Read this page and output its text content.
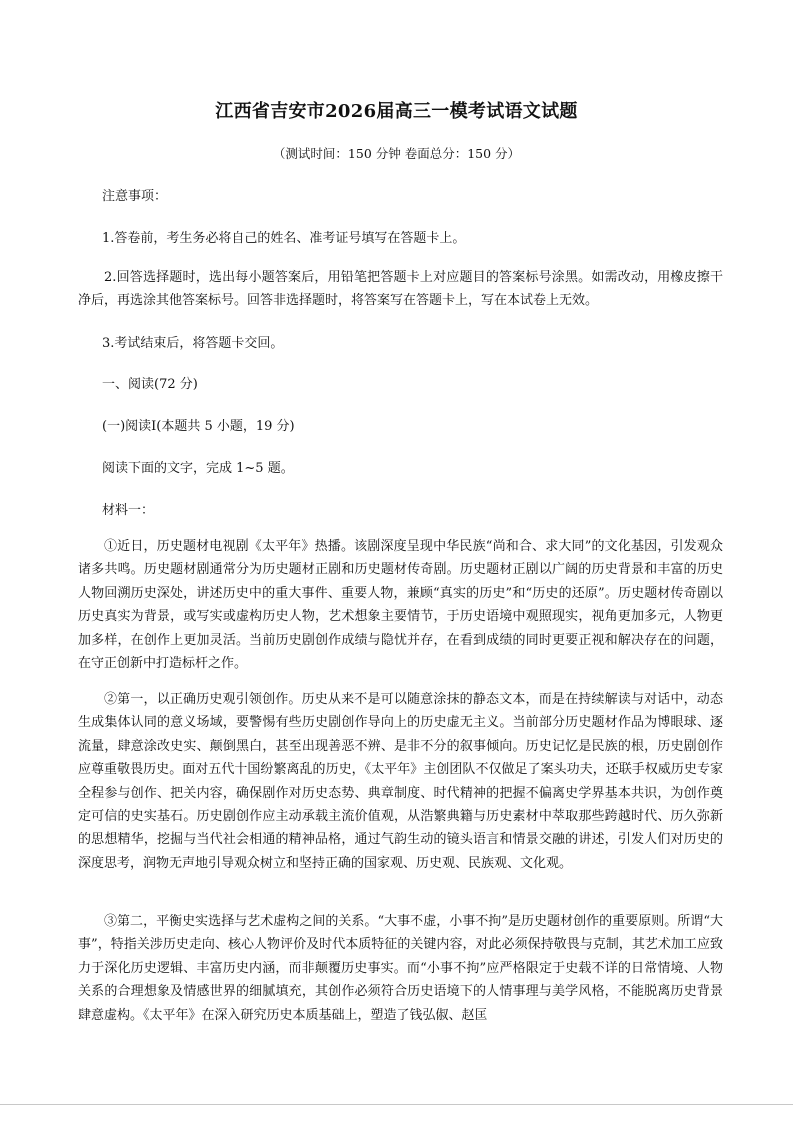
江西省吉安市2026届高三一模考试语文试题

（测试时间：150 分钟 卷面总分：150 分）

注意事项：

1.答卷前，考生务必将自己的姓名、准考证号填写在答题卡上。

2.回答选择题时，选出每小题答案后，用铅笔把答题卡上对应题目的答案标号涂黑。如需改动，用橡皮擦干净后，再选涂其他答案标号。回答非选择题时，将答案写在答题卡上，写在本试卷上无效。

3.考试结束后，将答题卡交回。

一、阅读(72 分)

(一)阅读Ⅰ(本题共 5 小题，19 分)

阅读下面的文字，完成 1~5 题。

材料一：

①近日，历史题材电视剧《太平年》热播。该剧深度呈现中华民族“尚和合、求大同”的文化基因，引发观众诸多共鸣。历史题材剧通常分为历史题材正剧和历史题材传奇剧。历史题材正剧以广阔的历史背景和丰富的历史人物回溯历史深处，讲述历史中的重大事件、重要人物，兼顾“真实的历史”和“历史的还原”。历史题材传奇剧以历史真实为背景，或写实或虚构历史人物，艺术想象主要情节，于历史语境中观照现实，视角更加多元，人物更加多样，在创作上更加灵活。当前历史剧创作成绩与隐忧并存，在看到成绩的同时更要正视和解决存在的问题，在守正创新中打造标杆之作。

②第一，以正确历史观引领创作。历史从来不是可以随意涂抹的静态文本，而是在持续解读与对话中，动态生成集体认同的意义场域，要警惕有些历史剧创作导向上的历史虚无主义。当前部分历史题材作品为博眼球、逐流量，肆意涂改史实、颠倒黑白，甚至出现善恶不辨、是非不分的叙事倾向。历史记忆是民族的根，历史剧创作应尊重敬畏历史。面对五代十国纷繁离乱的历史，《太平年》主创团队不仅做足了案头功夫，还联手权威历史专家全程参与创作、把关内容，确保剧作对历史态势、典章制度、时代精神的把握不偏离史学界基本共识，为创作奠定可信的史实基石。历史剧创作应主动承载主流价值观，从浩繁典籍与历史素材中萃取那些跨越时代、历久弥新的思想精华，挖掘与当代社会相通的精神品格，通过气韵生动的镜头语言和情景交融的讲述，引发人们对历史的深度思考，润物无声地引导观众树立和坚持正确的国家观、历史观、民族观、文化观。

③第二，平衡史实选择与艺术虚构之间的关系。“大事不虚，小事不拘”是历史题材创作的重要原则。所谓“大事”，特指关涉历史走向、核心人物评价及时代本质特征的关键内容，对此必须保持敬畏与克制，其艺术加工应致力于深化历史逻辑、丰富历史内涵，而非颠覆历史事实。而“小事不拘”应严格限定于史载不详的日常情境、人物关系的合理想象及情感世界的细腻填充，其创作必须符合历史语境下的人情事理与美学风格，不能脱离历史背景肆意虚构。《太平年》在深入研究历史本质基础上，塑造了钱弘俶、赵匡
